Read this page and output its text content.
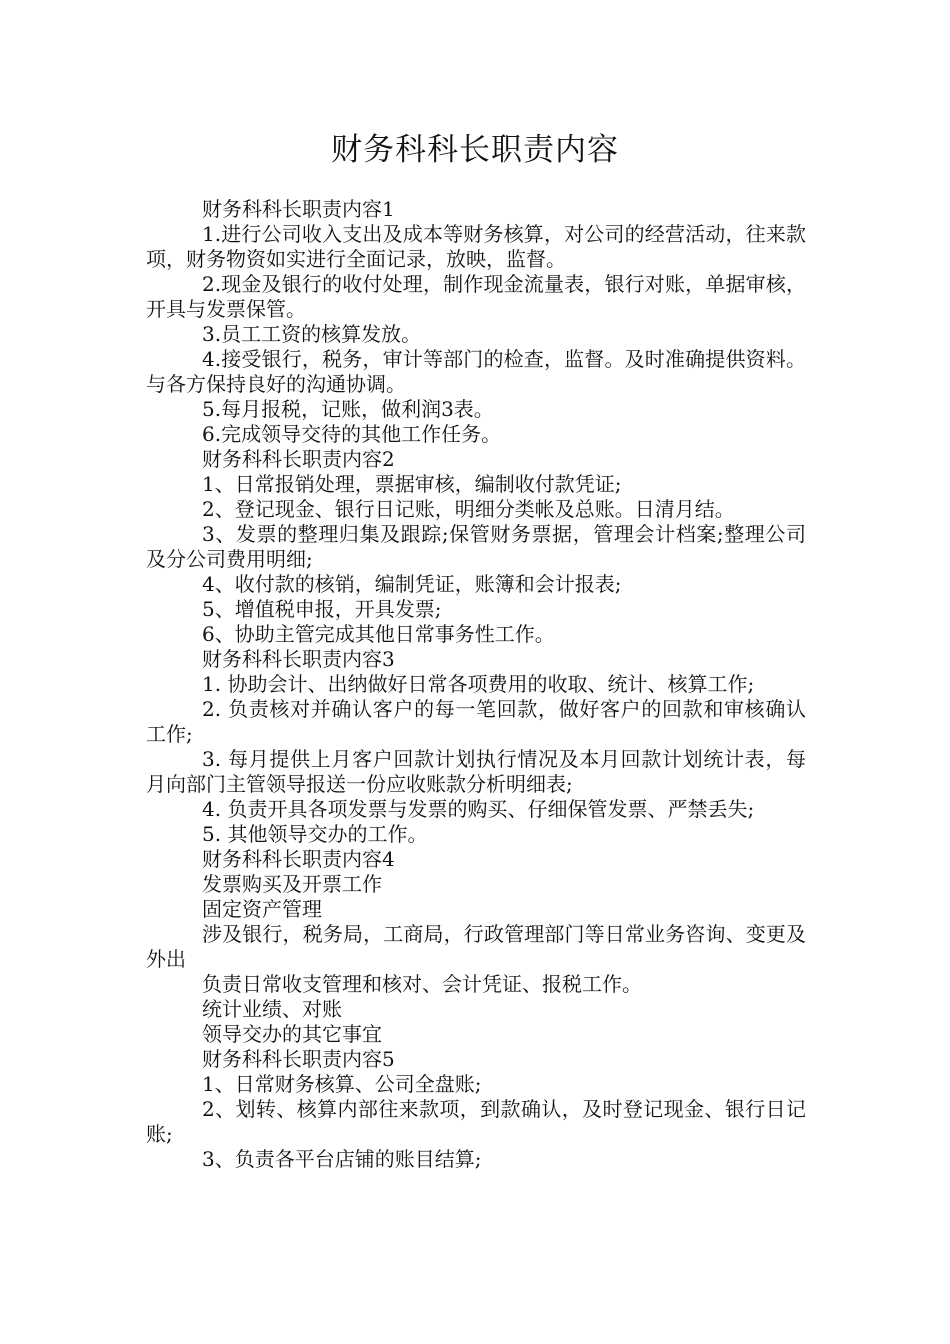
财务科科长职责内容

财务科科长职责内容1

1.进行公司收入支出及成本等财务核算，对公司的经营活动，往来款项，财务物资如实进行全面记录，放映，监督。

2.现金及银行的收付处理，制作现金流量表，银行对账，单据审核，开具与发票保管。

3.员工工资的核算发放。

4.接受银行，税务，审计等部门的检查，监督。及时准确提供资料。与各方保持良好的沟通协调。

5.每月报税，记账，做利润3表。

6.完成领导交待的其他工作任务。

财务科科长职责内容2

1、日常报销处理，票据审核，编制收付款凭证;

2、登记现金、银行日记账，明细分类帐及总账。日清月结。

3、发票的整理归集及跟踪;保管财务票据，管理会计档案;整理公司及分公司费用明细;

4、收付款的核销，编制凭证，账簿和会计报表;

5、增值税申报，开具发票;

6、协助主管完成其他日常事务性工作。

财务科科长职责内容3

1. 协助会计、出纳做好日常各项费用的收取、统计、核算工作;

2. 负责核对并确认客户的每一笔回款，做好客户的回款和审核确认工作;

3. 每月提供上月客户回款计划执行情况及本月回款计划统计表，每月向部门主管领导报送一份应收账款分析明细表;

4. 负责开具各项发票与发票的购买、仔细保管发票、严禁丢失;

5. 其他领导交办的工作。

财务科科长职责内容4

发票购买及开票工作

固定资产管理

涉及银行，税务局，工商局，行政管理部门等日常业务咨询、变更及外出

负责日常收支管理和核对、会计凭证、报税工作。

统计业绩、对账

领导交办的其它事宜

财务科科长职责内容5

1、日常财务核算、公司全盘账;

2、划转、核算内部往来款项，到款确认，及时登记现金、银行日记账;

3、负责各平台店铺的账目结算;
